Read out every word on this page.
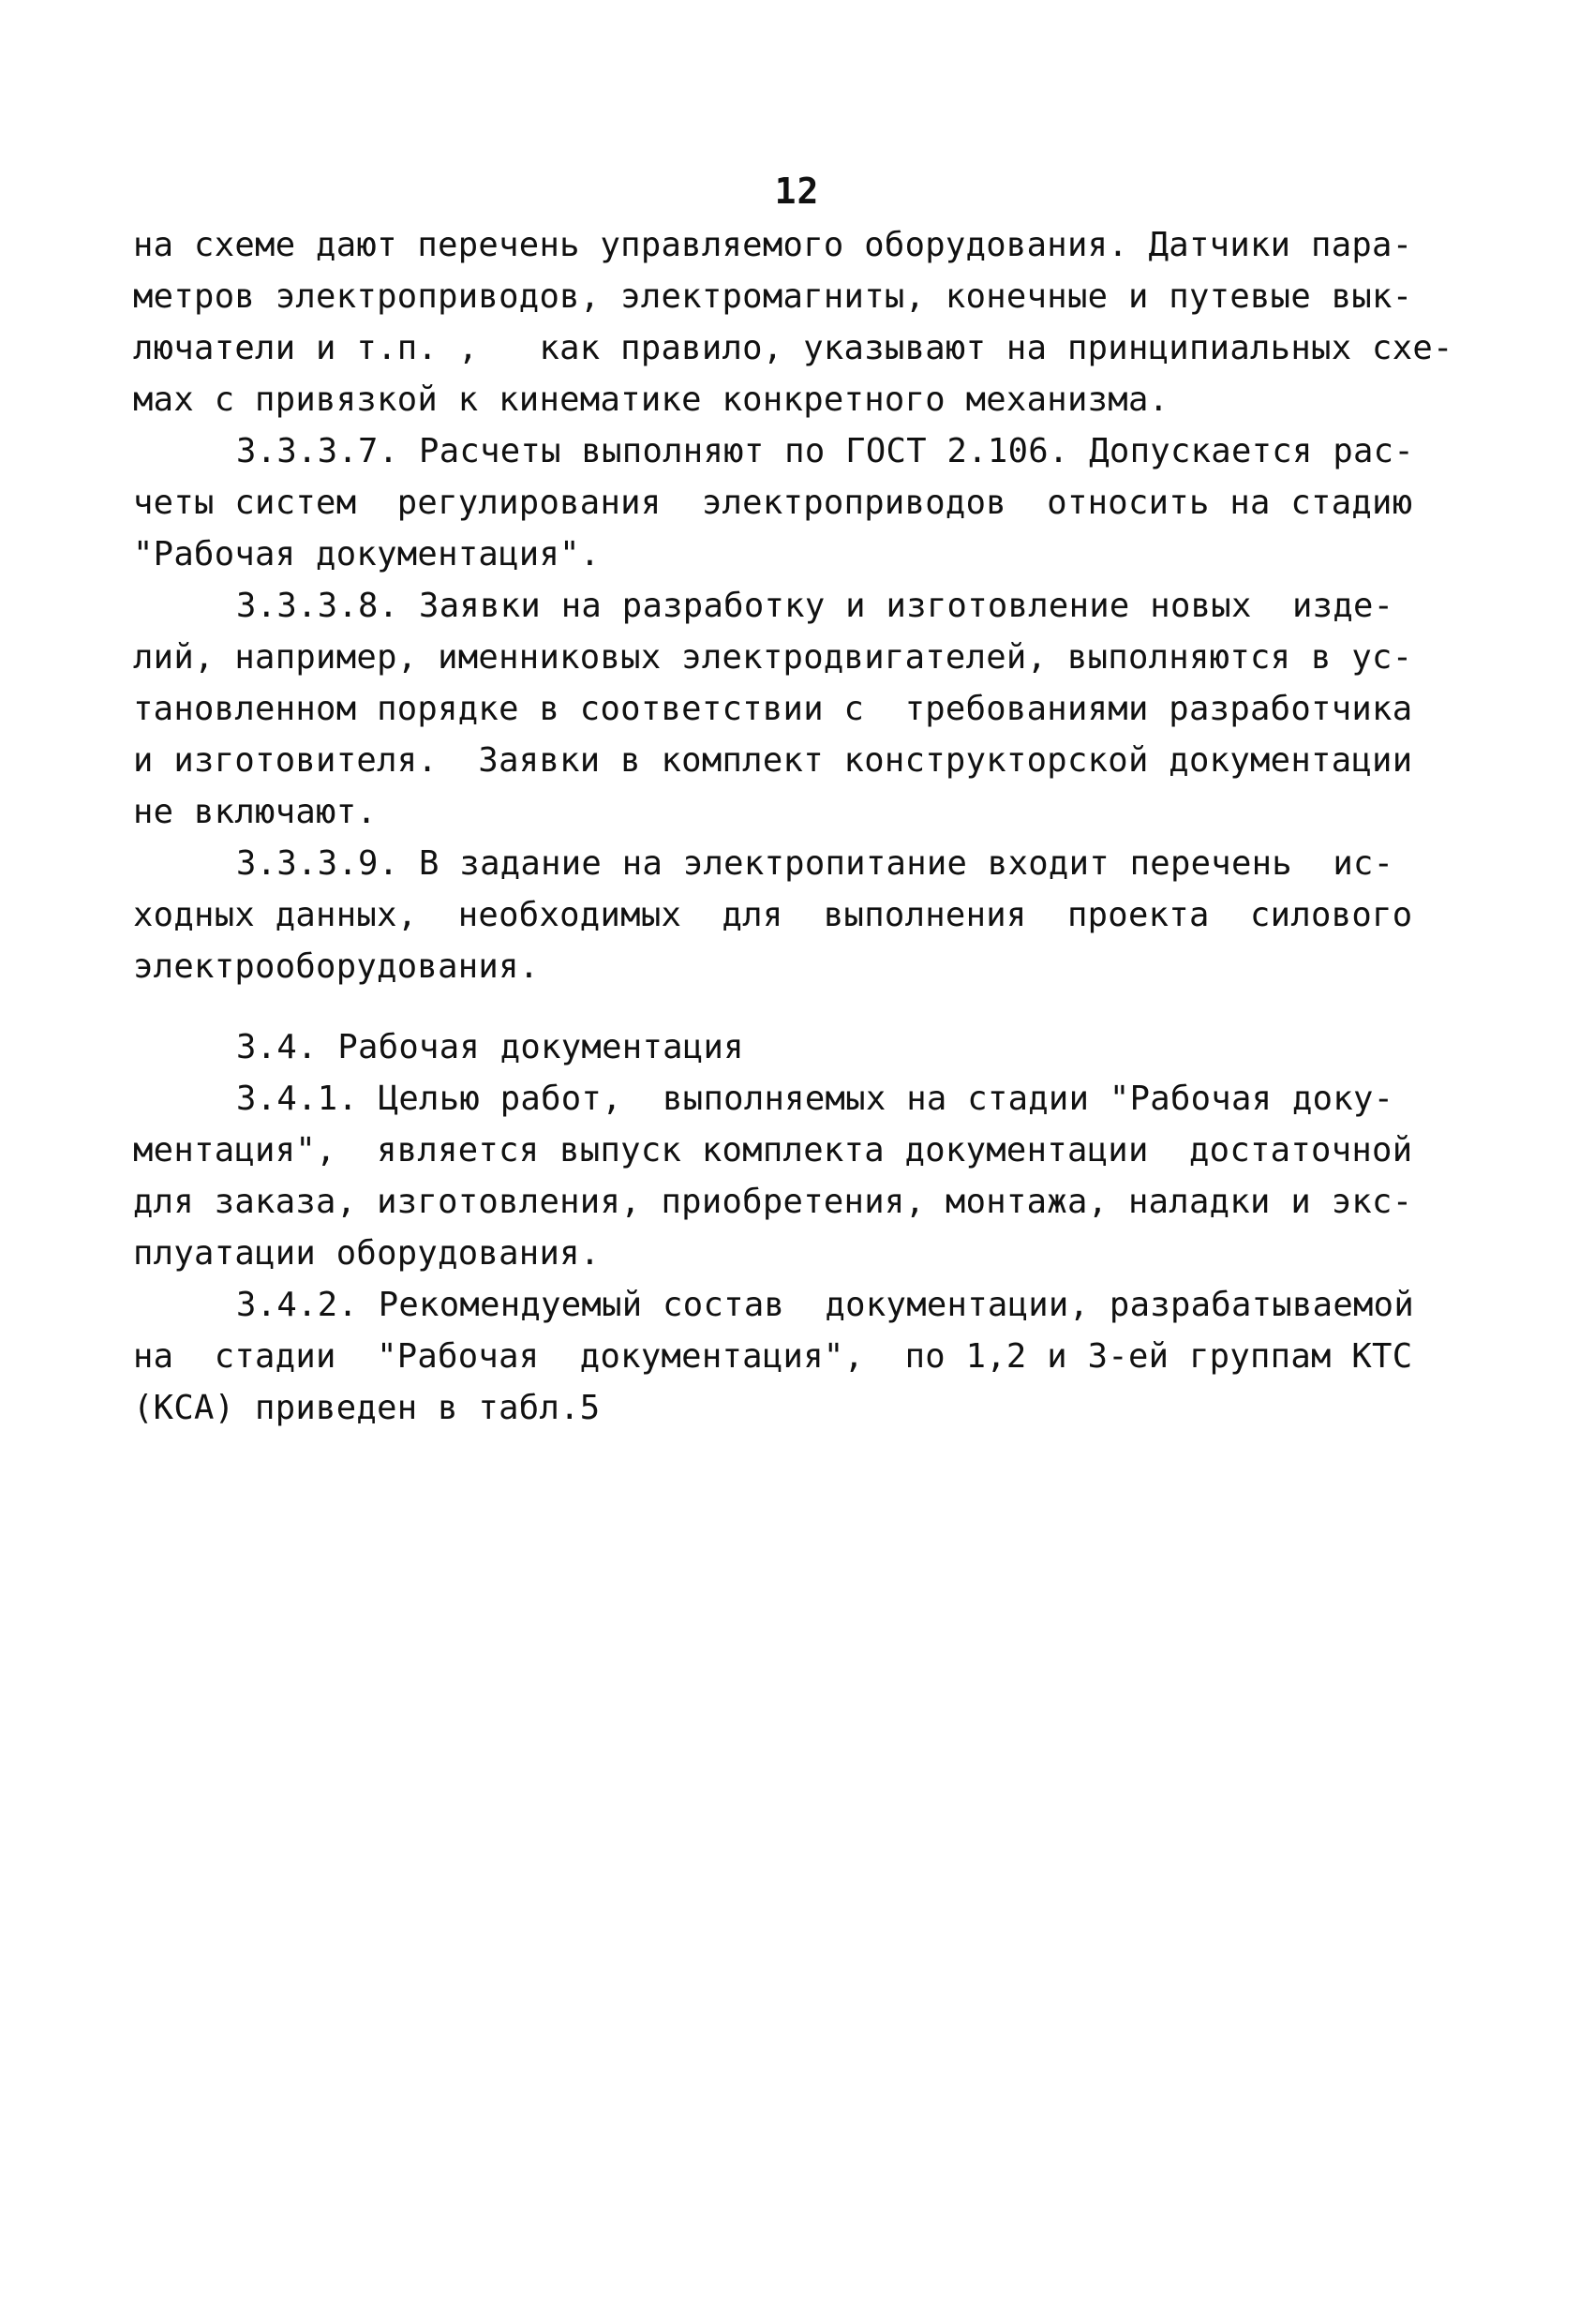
12
на схеме дают перечень управляемого оборудования. Датчики пара-
метров электроприводов, электромагниты, конечные и путевые вык-
лючатели и т.п. ,   как правило, указывают на принципиальных схе-
мах с привязкой к кинематике конкретного механизма.
3.3.3.7. Расчеты выполняют по ГОСТ 2.106. Допускается рас-
четы систем  регулирования  электроприводов  относить на стадию
"Рабочая документация".
3.3.3.8. Заявки на разработку и изготовление новых  изде-
лий, например, именниковых электродвигателей, выполняются в ус-
тановленном порядке в соответствии с  требованиями разработчика
и изготовителя.  Заявки в комплект конструкторской документации
не включают.
3.3.3.9. В задание на электропитание входит перечень  ис-
ходных данных,  необходимых  для  выполнения  проекта  силового
электрооборудования.
3.4. Рабочая документация
3.4.1. Целью работ,  выполняемых на стадии "Рабочая доку-
ментация",  является выпуск комплекта документации  достаточной
для заказа, изготовления, приобретения, монтажа, наладки и экс-
плуатации оборудования.
3.4.2. Рекомендуемый состав  документации, разрабатываемой
на  стадии  "Рабочая  документация",  по 1,2 и 3-ей группам КТС
(КСА) приведен в табл.5
